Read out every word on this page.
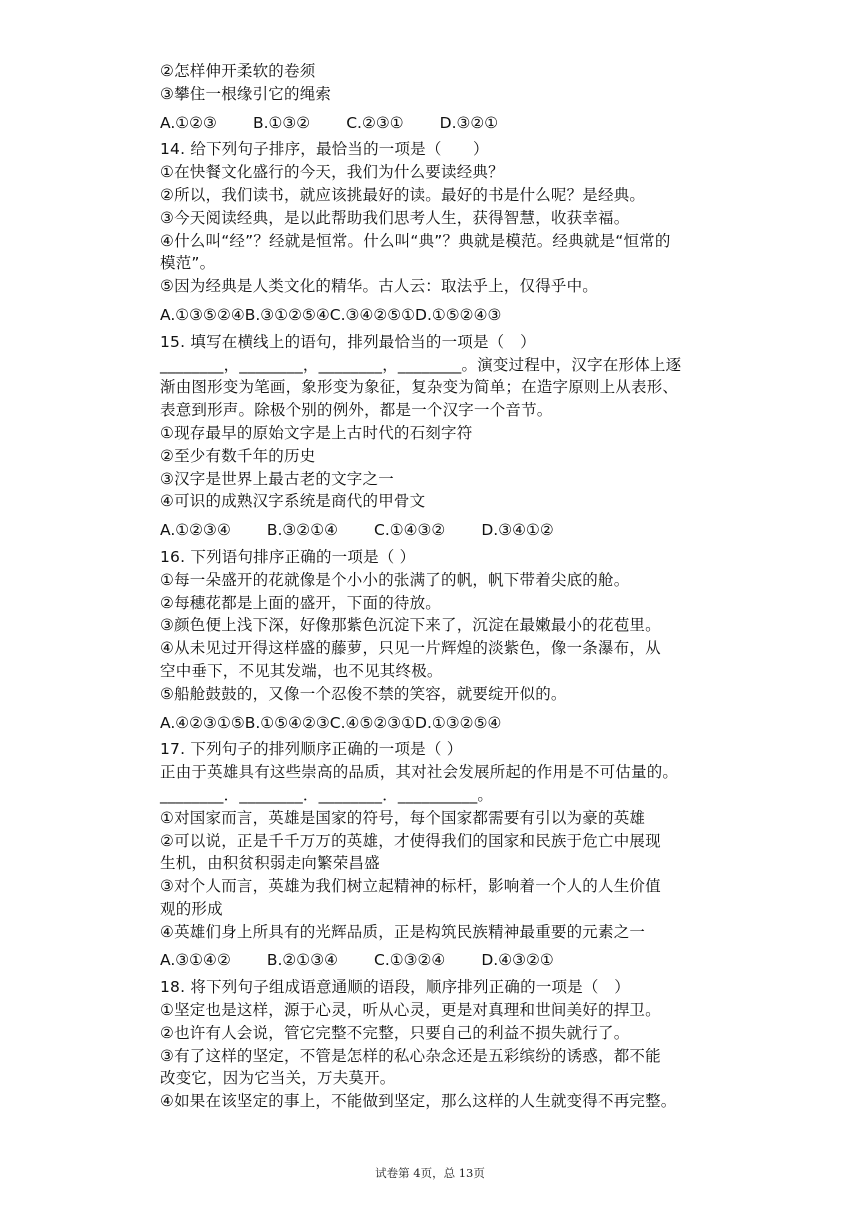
②怎样伸开柔软的卷须
③攀住一根缘引它的绳索
A.①②③ B.①③② C.②③① D.③②①
14. 给下列句子排序，最恰当的一项是（　　）
①在快餐文化盛行的今天，我们为什么要读经典？
②所以，我们读书，就应该挑最好的读。最好的书是什么呢？是经典。
③今天阅读经典，是以此帮助我们思考人生，获得智慧，收获幸福。
④什么叫“经”？经就是恒常。什么叫“典”？典就是模范。经典就是“恒常的
模范”。
⑤因为经典是人类文化的精华。古人云：取法乎上，仅得乎中。
A.①③⑤②④ B.③①②⑤④ C.③④②⑤① D.①⑤②④③
15. 填写在横线上的语句，排列最恰当的一项是（　）
________，________，________，________。演变过程中，汉字在形体上逐
渐由图形变为笔画，象形变为象征，复杂变为简单；在造字原则上从表形、
表意到形声。除极个别的例外，都是一个汉字一个音节。
①现存最早的原始文字是上古时代的石刻字符
②至少有数千年的历史
③汉字是世界上最古老的文字之一
④可识的成熟汉字系统是商代的甲骨文
A.①②③④ B.③②①④ C.①④③② D.③④①②
16. 下列语句排序正确的一项是（ ）
①每一朵盛开的花就像是个小小的张满了的帆，帆下带着尖底的舱。
②每穗花都是上面的盛开，下面的待放。
③颜色便上浅下深，好像那紫色沉淀下来了，沉淀在最嫩最小的花苞里。
④从未见过开得这样盛的藤萝，只见一片辉煌的淡紫色，像一条瀑布，从
空中垂下，不见其发端，也不见其终极。
⑤船舱鼓鼓的，又像一个忍俊不禁的笑容，就要绽开似的。
A.④②③①⑤ B.①⑤④②③ C.④⑤②③① D.①③②⑤④
17. 下列句子的排列顺序正确的一项是（ ）
正由于英雄具有这些崇高的品质，其对社会发展所起的作用是不可估量的。
________．________．________．__________。
①对国家而言，英雄是国家的符号，每个国家都需要有引以为豪的英雄
②可以说，正是千千万万的英雄，才使得我们的国家和民族于危亡中展现
生机，由积贫积弱走向繁荣昌盛
③对个人而言，英雄为我们树立起精神的标杆，影响着一个人的人生价值
观的形成
④英雄们身上所具有的光辉品质，正是构筑民族精神最重要的元素之一
A.③①④② B.②①③④ C.①③②④ D.④③②①
18. 将下列句子组成语意通顺的语段，顺序排列正确的一项是（　）
①坚定也是这样，源于心灵，听从心灵，更是对真理和世间美好的捍卫。
②也许有人会说，管它完整不完整，只要自己的利益不损失就行了。
③有了这样的坚定，不管是怎样的私心杂念还是五彩缤纷的诱惑，都不能
改变它，因为它当关，万夫莫开。
④如果在该坚定的事上，不能做到坚定，那么这样的人生就变得不再完整。
试卷第 4页，总 13页
